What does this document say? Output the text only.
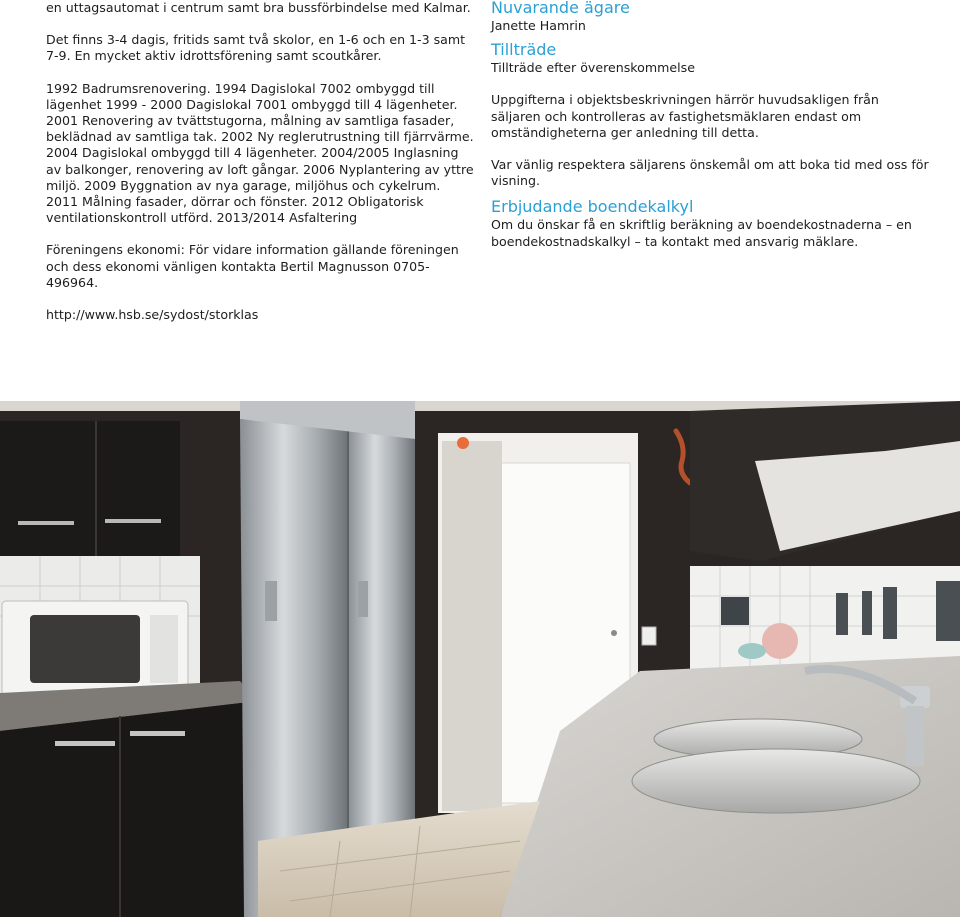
en uttagsautomat i centrum samt bra bussförbindelse med Kalmar.
Det finns 3-4 dagis, fritids samt två skolor, en 1-6 och en 1-3 samt 7-9. En mycket aktiv idrottsförening samt scoutkårer.
1992 Badrumsrenovering. 1994 Dagislokal 7002 ombyggd till lägenhet 1999 - 2000 Dagislokal 7001 ombyggd till 4 lägenheter. 2001 Renovering av tvättstugorna, målning av samtliga fasader, beklädnad av samtliga tak. 2002 Ny reglerutrustning till fjärrvärme. 2004 Dagislokal ombyggd till 4 lägenheter. 2004/2005 Inglasning av balkonger, renovering av loft gångar. 2006 Nyplantering av yttre miljö. 2009 Byggnation av nya garage, miljöhus och cykelrum. 2011 Målning fasader, dörrar och fönster. 2012 Obligatorisk ventilationskontroll utförd. 2013/2014 Asfaltering
Föreningens ekonomi: För vidare information gällande föreningen och dess ekonomi vänligen kontakta Bertil Magnusson 0705-496964.
http://www.hsb.se/sydost/storklas
Nuvarande ägare
Janette Hamrin
Tillträde
Tillträde efter överenskommelse
Uppgifterna i objektsbeskrivningen härrör huvudsakligen från säljaren och kontrolleras av fastighetsmäklaren endast om omständigheterna ger anledning till detta.
Var vänlig respektera säljarens önskemål om att boka tid med oss för visning.
Erbjudande boendekalkyl
Om du önskar få en skriftlig beräkning av boendekostnaderna – en boendekostnadskalkyl – ta kontakt med ansvarig mäklare.
